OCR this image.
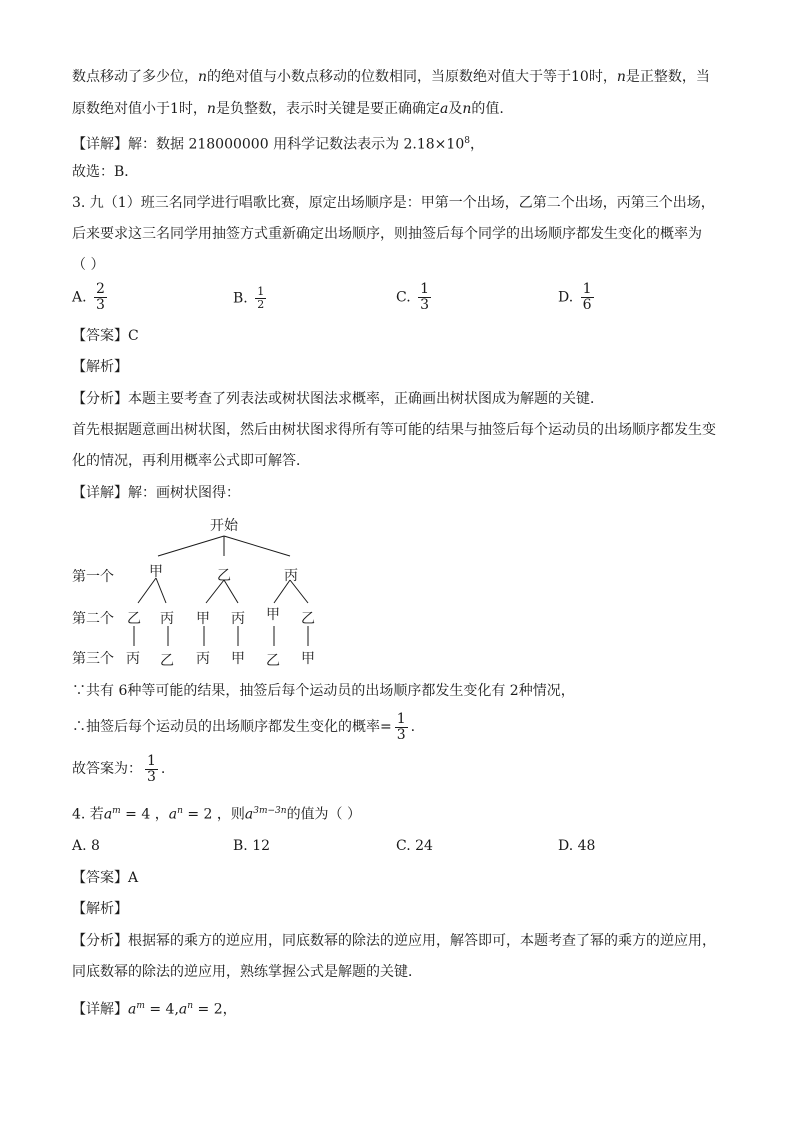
数点移动了多少位，n的绝对值与小数点移动的位数相同，当原数绝对值大于等于10时，n是正整数，当
原数绝对值小于1时，n是负整数，表示时关键是要正确确定a及n的值.
【详解】解：数据 218000000 用科学记数法表示为 $2.18\times 10^8$，
故选：B．
3. 九（1）班三名同学进行唱歌比赛，原定出场顺序是：甲第一个出场，乙第二个出场，丙第三个出场，
后来要求这三名同学用抽签方式重新确定出场顺序，则抽签后每个同学的出场顺序都发生变化的概率为
（ ）
A. $\frac{2}{3}$	B. $\frac{1}{2}$	C. $\frac{1}{3}$	D. $\frac{1}{6}$
【答案】C
【解析】
【分析】本题主要考查了列表法或树状图法求概率，正确画出树状图成为解题的关键．
首先根据题意画出树状图，然后由树状图求得所有等可能的结果与抽签后每个运动员的出场顺序都发生变
化的情况，再利用概率公式即可解答．
【详解】解：画树状图得：
开始
第一个
第二个
第三个
甲	乙	丙
乙 丙 甲 丙 甲 乙
丙 乙 丙 甲 乙 甲
∵共有 6种等可能的结果，抽签后每个运动员的出场顺序都发生变化有 2种情况，
∴抽签后每个运动员的出场顺序都发生变化的概率= $\frac{1}{3}$ .
故答案为： $\frac{1}{3}$ .
4. 若$a^m = 4$ ，$a^n = 2$ ，则$a^{3m-3n}$的值为（ ）
A. 8	B. 12	C. 24	D. 48
【答案】A
【解析】
【分析】根据幂的乘方的逆应用，同底数幂的除法的逆应用，解答即可，本题考查了幂的乘方的逆应用，
同底数幂的除法的逆应用，熟练掌握公式是解题的关键．
【详解】$a^m = 4,a^n = 2$，
